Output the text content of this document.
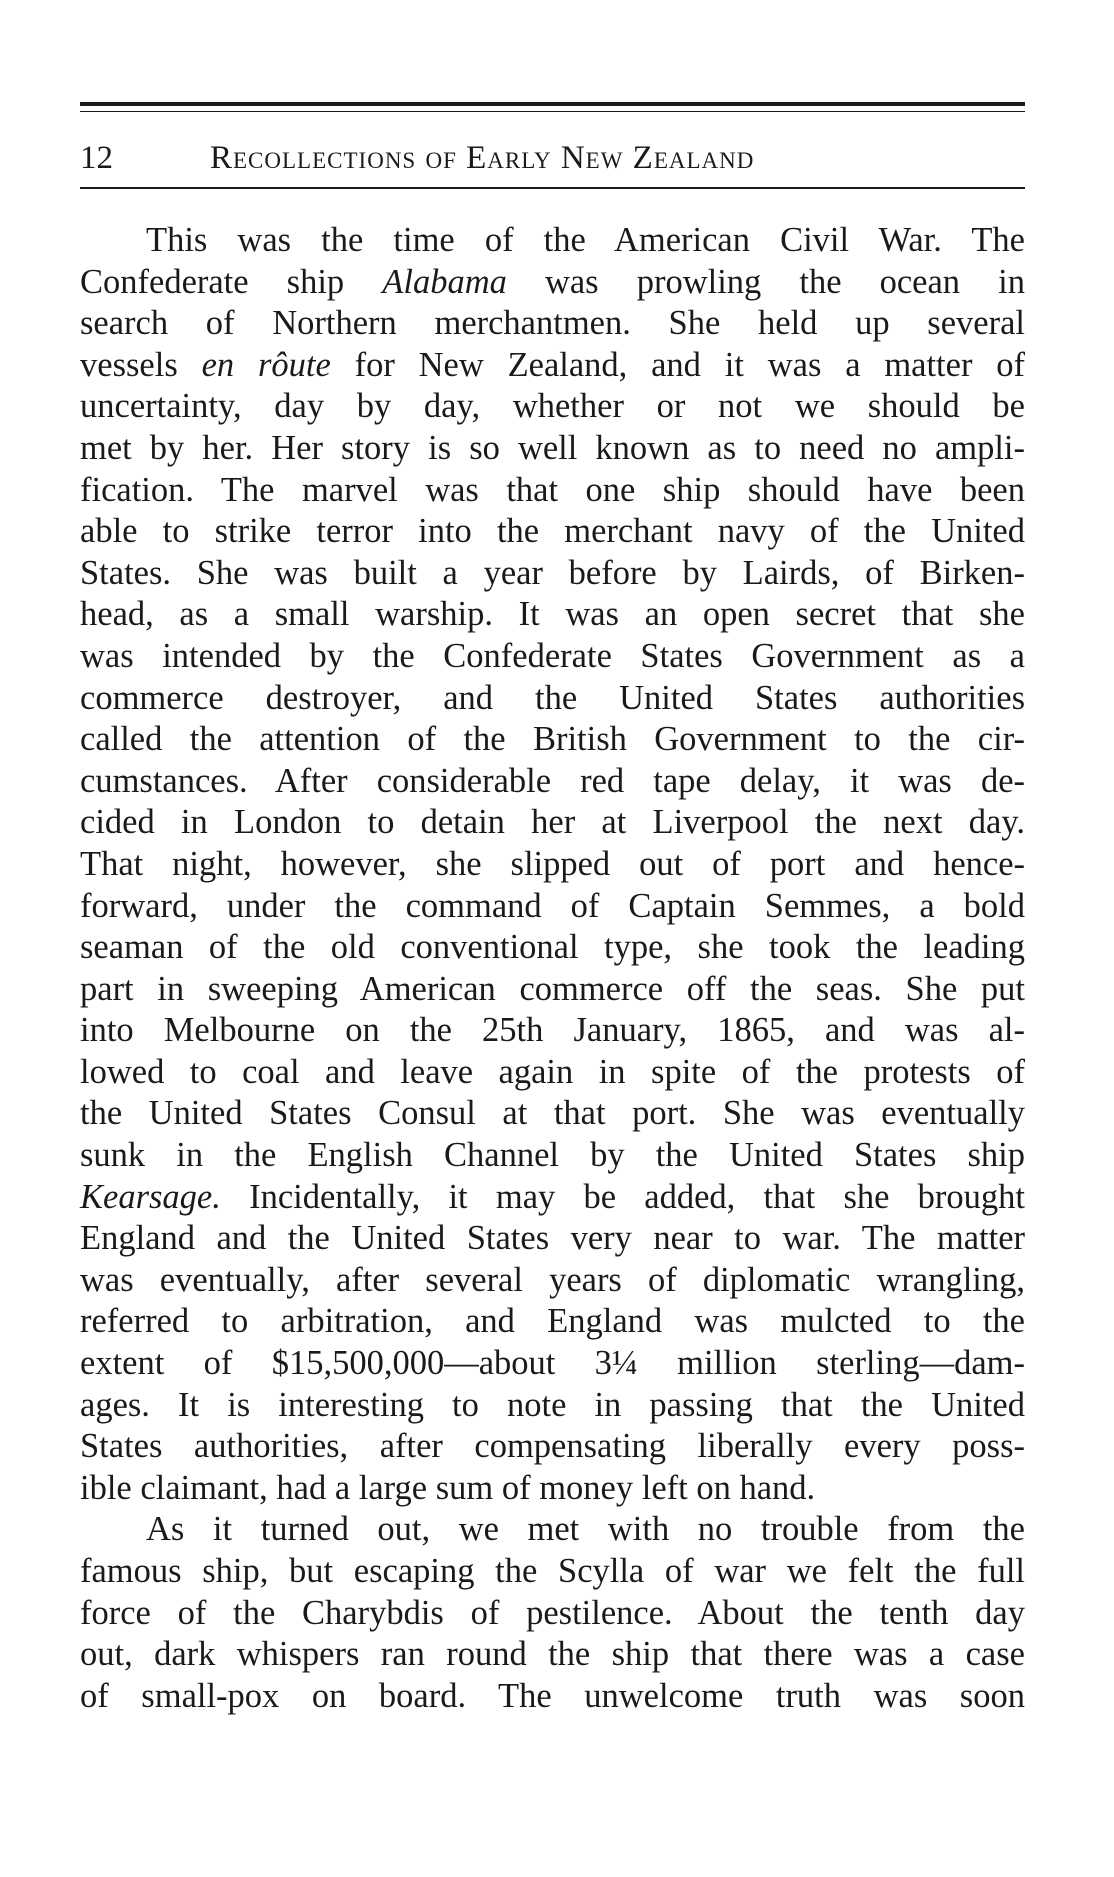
12	Recollections of Early New Zealand
This was the time of the American Civil War. The
Confederate ship Alabama was prowling the ocean in
search of Northern merchantmen. She held up several
vessels en rôute for New Zealand, and it was a matter of
uncertainty, day by day, whether or not we should be
met by her. Her story is so well known as to need no ampli-
fication. The marvel was that one ship should have been
able to strike terror into the merchant navy of the United
States. She was built a year before by Lairds, of Birken-
head, as a small warship. It was an open secret that she
was intended by the Confederate States Government as a
commerce destroyer, and the United States authorities
called the attention of the British Government to the cir-
cumstances. After considerable red tape delay, it was de-
cided in London to detain her at Liverpool the next day.
That night, however, she slipped out of port and hence-
forward, under the command of Captain Semmes, a bold
seaman of the old conventional type, she took the leading
part in sweeping American commerce off the seas. She put
into Melbourne on the 25th January, 1865, and was al-
lowed to coal and leave again in spite of the protests of
the United States Consul at that port. She was eventually
sunk in the English Channel by the United States ship
Kearsage. Incidentally, it may be added, that she brought
England and the United States very near to war. The matter
was eventually, after several years of diplomatic wrangling,
referred to arbitration, and England was mulcted to the
extent of $15,500,000—about 3¼ million sterling—dam-
ages. It is interesting to note in passing that the United
States authorities, after compensating liberally every poss-
ible claimant, had a large sum of money left on hand.
As it turned out, we met with no trouble from the
famous ship, but escaping the Scylla of war we felt the full
force of the Charybdis of pestilence. About the tenth day
out, dark whispers ran round the ship that there was a case
of small-pox on board. The unwelcome truth was soon
